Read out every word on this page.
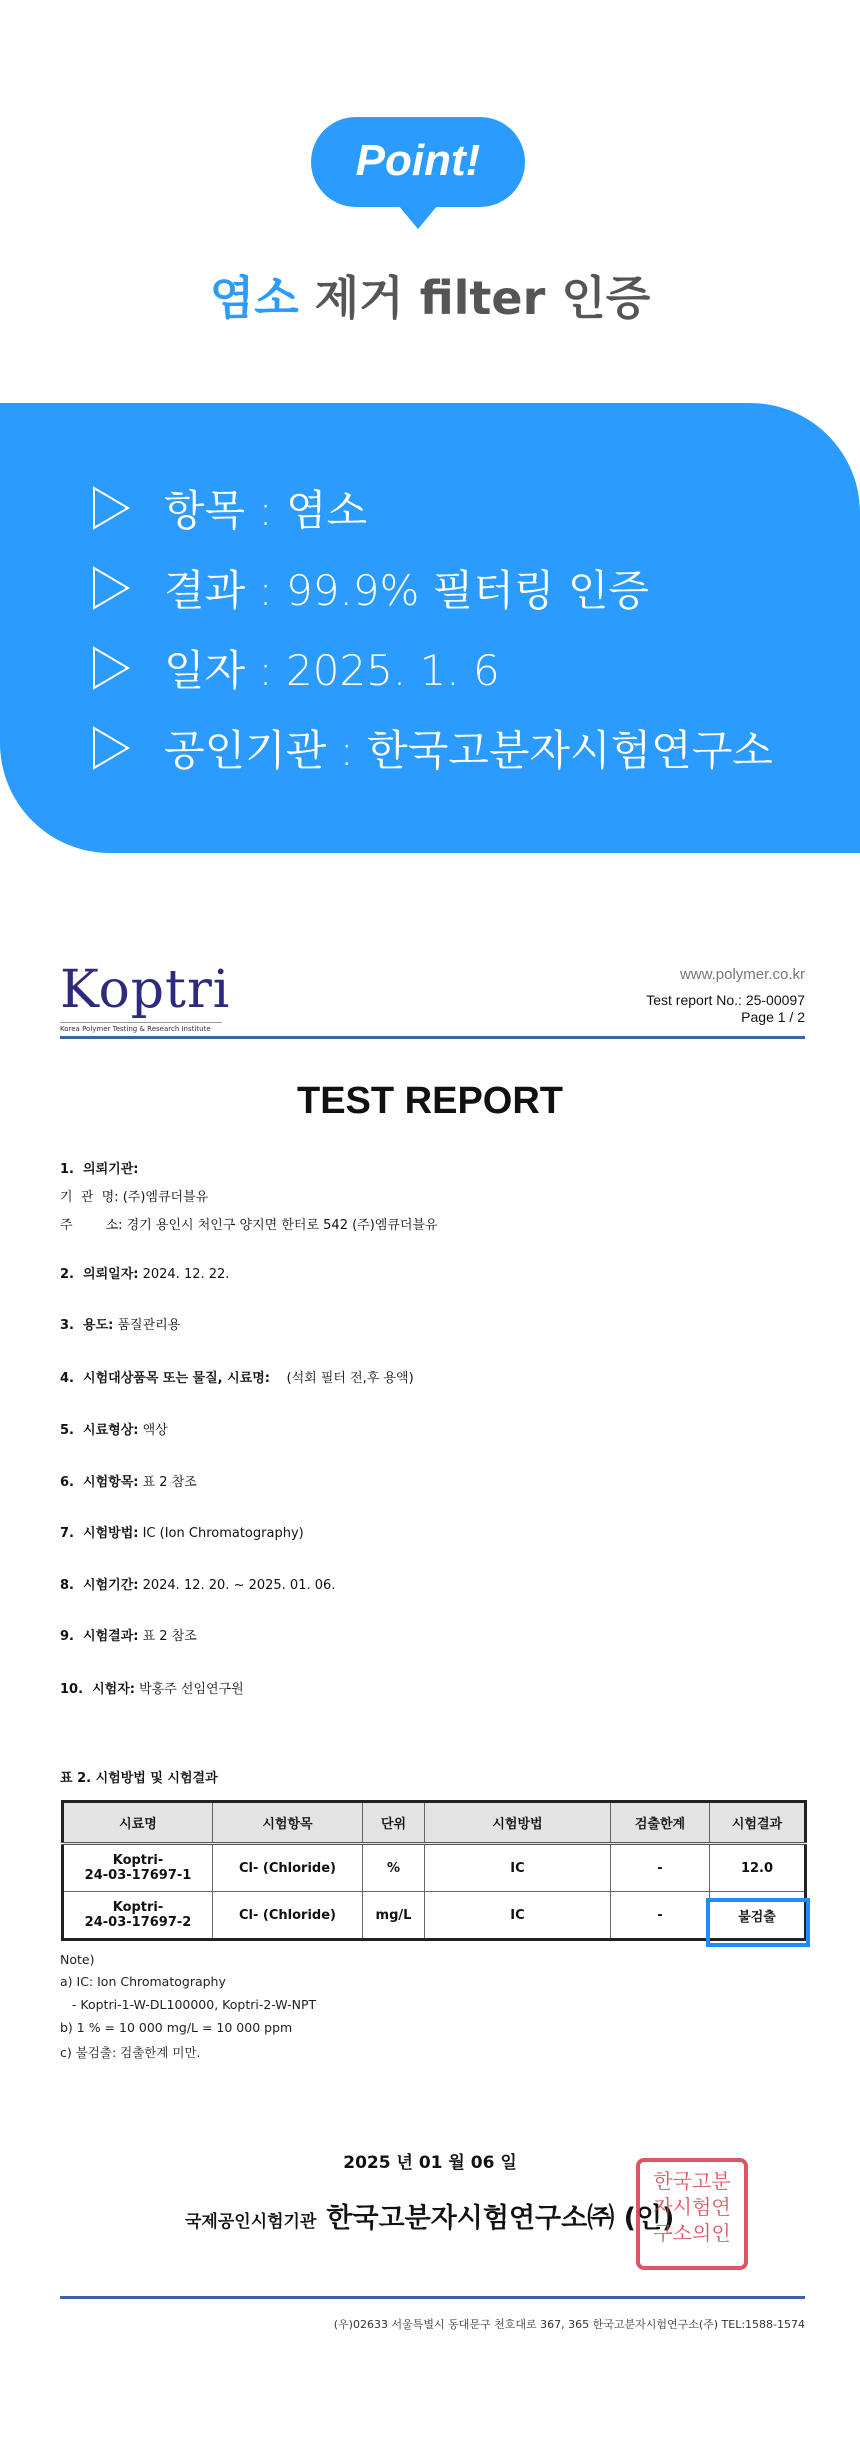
Point!
염소 제거 filter 인증
항목 : 염소
결과 : 99.9% 필터링 인증
일자 : 2025. 1. 6
공인기관 : 한국고분자시험연구소
Koptri
Korea Polymer Testing & Research Institute
www.polymer.co.kr
Test report No.: 25-00097
Page 1 / 2
TEST REPORT
1.  의뢰기관:
기  관  명: (주)엠큐더블유
주        소: 경기 용인시 처인구 양지면 한터로 542 (주)엠큐더블유
2.  의뢰일자: 2024. 12. 22.
3.  용도: 품질관리용
4.  시험대상품목 또는 물질, 시료명:    (석회 필터 전,후 용액)
5.  시료형상: 액상
6.  시험항목: 표 2 참조
7.  시험방법: IC (Ion Chromatography)
8.  시험기간: 2024. 12. 20. ~ 2025. 01. 06.
9.  시험결과: 표 2 참조
10.  시험자: 박홍주 선임연구원
표 2. 시험방법 및 시험결과
시료명	시험항목	단위	시험방법	검출한계	시험결과
Koptri-
24-03-17697-1	Cl- (Chloride)	%	IC	-	12.0
Koptri-
24-03-17697-2	Cl- (Chloride)	mg/L	IC	-	불검출
Note)
a) IC: Ion Chromatography
- Koptri-1-W-DL100000, Koptri-2-W-NPT
b) 1 % = 10 000 mg/L = 10 000 ppm
c) 불검출: 검출한계 미만.
2025 년 01 월 06 일
국제공인시험기관 한국고분자시험연구소㈜ (인)
한국고분자시험연구소의인
(우)02633 서울특별시 동대문구 천호대로 367, 365 한국고분자시험연구소(주) TEL:1588-1574
